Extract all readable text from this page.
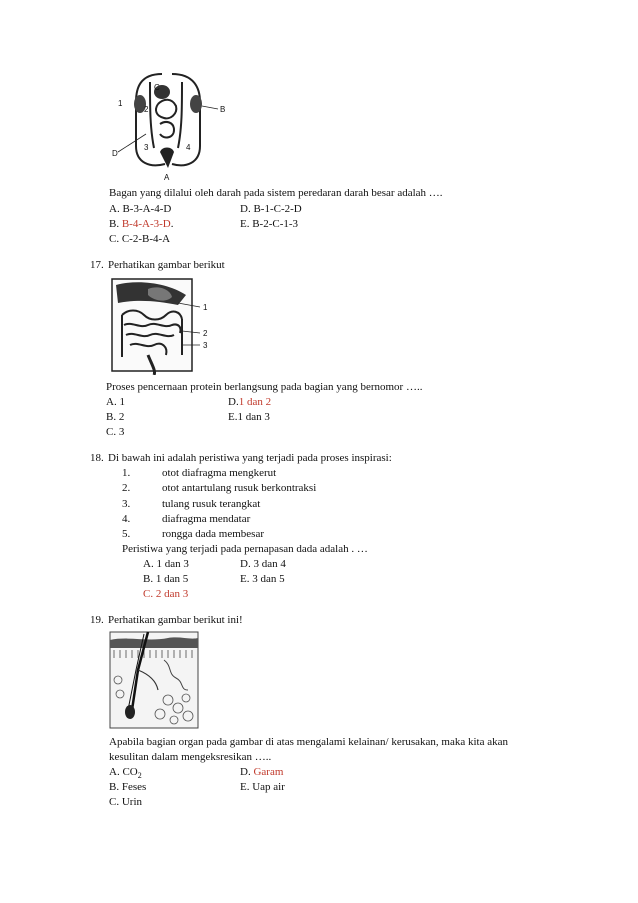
C
1
2	B
D
3	4
A
Bagan yang dilalui oleh darah pada sistem peredaran darah besar adalah ….
A. B-3-A-4-D	D. B-1-C-2-D
B. B-4-A-3-D.	E. B-2-C-1-3
C. C-2-B-4-A
17. Perhatikan gambar berikut
1
2
3
Proses pencernaan protein berlangsung pada bagian yang bernomor …..
A. 1	D.1 dan 2
B. 2	E.1 dan 3
C. 3
18. Di bawah ini adalah peristiwa yang terjadi pada proses inspirasi:
1.	otot diafragma mengkerut
2.	otot antartulang rusuk berkontraksi
3.	tulang rusuk terangkat
4.	diafragma mendatar
5.	rongga dada membesar
Peristiwa yang terjadi pada pernapasan dada adalah . …
A. 1 dan 3	D. 3 dan 4
B. 1 dan 5	E. 3 dan 5
C. 2 dan 3
19. Perhatikan gambar berikut ini!
Apabila bagian organ pada gambar di atas mengalami kelainan/ kerusakan, maka kita akan
kesulitan dalam mengeksresikan …..
A. $CO_2$	D. Garam
B. Feses	E. Uap air
C. Urin
